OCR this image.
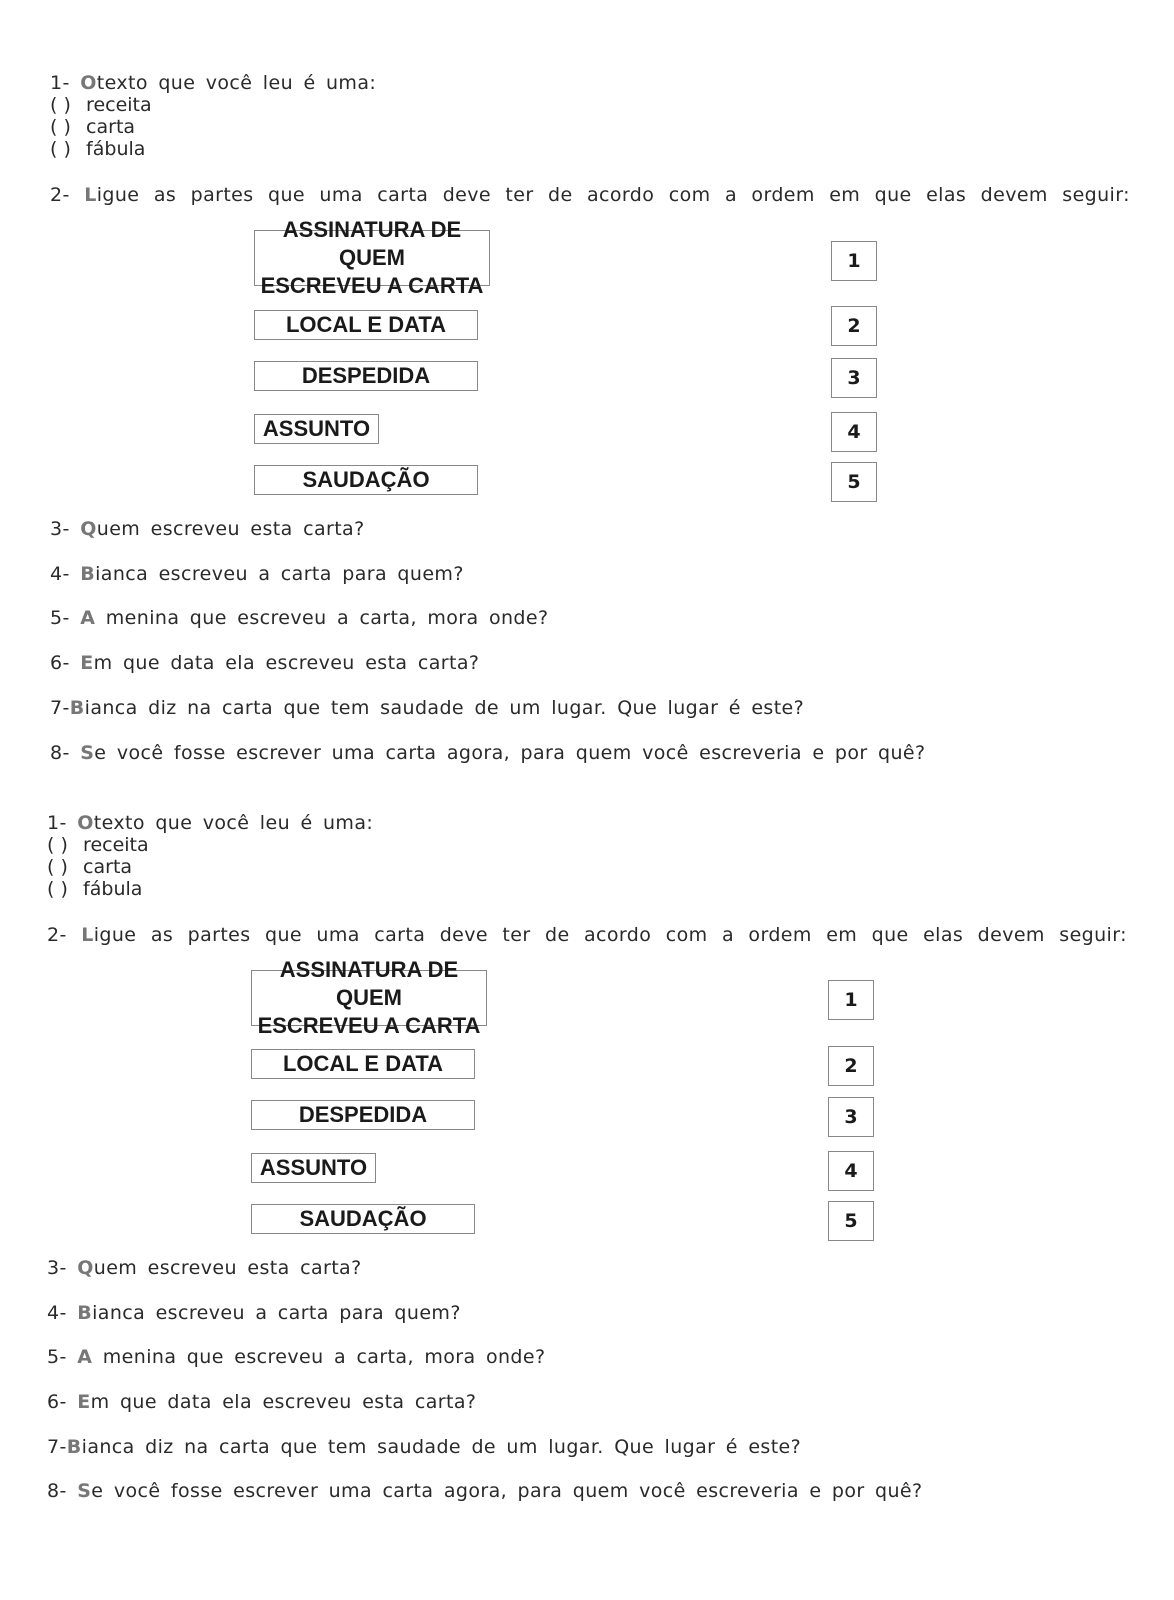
1- Otexto que você leu é uma:
( ) receita
( ) carta
( ) fábula
2- Ligue as partes que uma carta deve ter de acordo com a ordem em que elas devem seguir:
ASSINATURA DE QUEM
ESCREVEU A CARTA
LOCAL E DATA
DESPEDIDA
ASSUNTO
SAUDAÇÃO
1
2
3
4
5
3- Quem escreveu esta carta?
4- Bianca escreveu a carta para quem?
5- A menina que escreveu a carta, mora onde?
6- Em que data ela escreveu esta carta?
7-Bianca diz na carta que tem saudade de um lugar. Que lugar é este?
8- Se você fosse escrever uma carta agora, para quem você escreveria e por quê?
1- Otexto que você leu é uma:
( ) receita
( ) carta
( ) fábula
2- Ligue as partes que uma carta deve ter de acordo com a ordem em que elas devem seguir:
ASSINATURA DE QUEM
ESCREVEU A CARTA
LOCAL E DATA
DESPEDIDA
ASSUNTO
SAUDAÇÃO
1
2
3
4
5
3- Quem escreveu esta carta?
4- Bianca escreveu a carta para quem?
5- A menina que escreveu a carta, mora onde?
6- Em que data ela escreveu esta carta?
7-Bianca diz na carta que tem saudade de um lugar. Que lugar é este?
8- Se você fosse escrever uma carta agora, para quem você escreveria e por quê?
